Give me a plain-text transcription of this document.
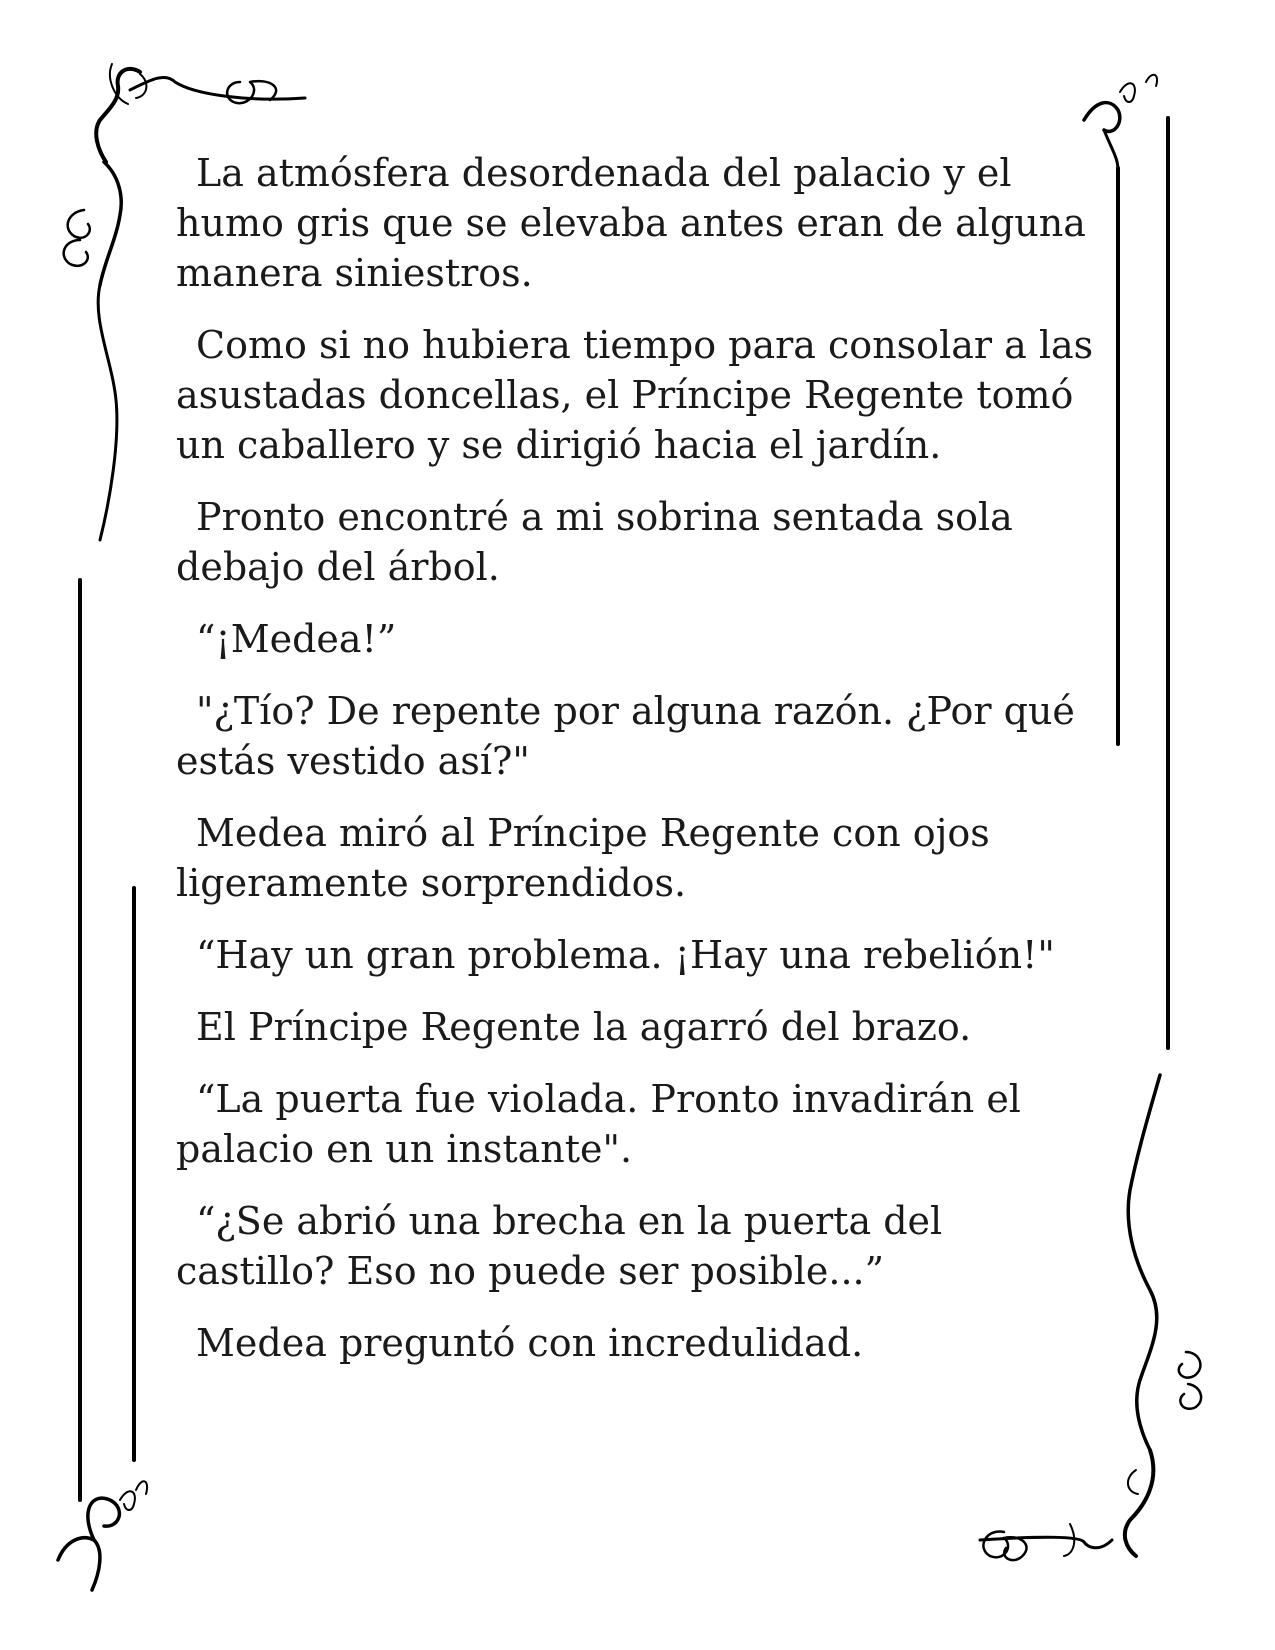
La atmósfera desordenada del palacio y el humo gris que se elevaba antes eran de alguna manera siniestros.

Como si no hubiera tiempo para consolar a las asustadas doncellas, el Príncipe Regente tomó un caballero y se dirigió hacia el jardín.

Pronto encontré a mi sobrina sentada sola debajo del árbol.

“¡Medea!”

"¿Tío? De repente por alguna razón. ¿Por qué estás vestido así?"

Medea miró al Príncipe Regente con ojos ligeramente sorprendidos.

“Hay un gran problema. ¡Hay una rebelión!"

El Príncipe Regente la agarró del brazo.

“La puerta fue violada. Pronto invadirán el palacio en un instante".

“¿Se abrió una brecha en la puerta del castillo? Eso no puede ser posible...”

Medea preguntó con incredulidad.
